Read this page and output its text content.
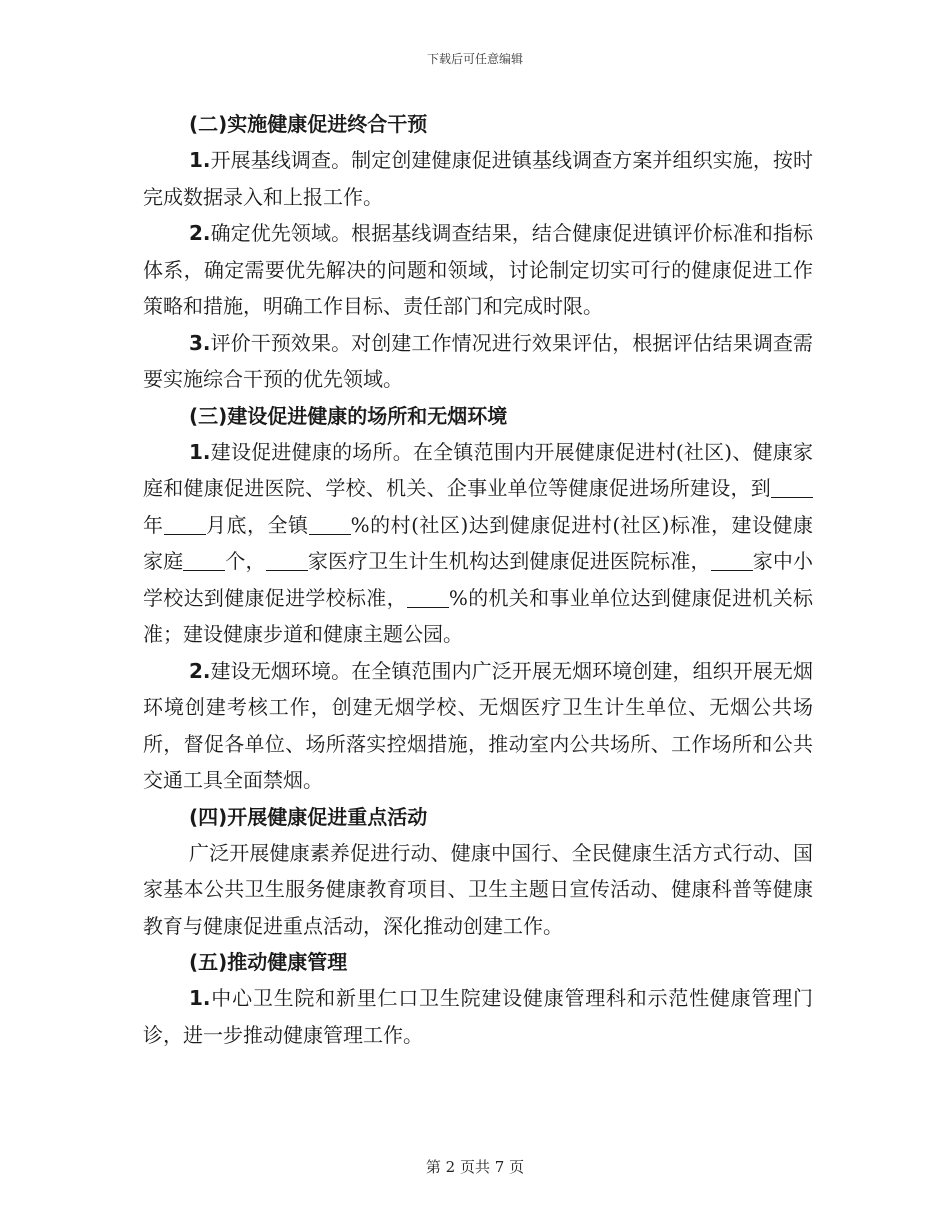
下载后可任意编辑
(二)实施健康促进终合干预

1.开展基线调查。制定创建健康促进镇基线调查方案并组织实施，按时完成数据录入和上报工作。

2.确定优先领域。根据基线调查结果，结合健康促进镇评价标准和指标体系，确定需要优先解决的问题和领域，讨论制定切实可行的健康促进工作策略和措施，明确工作目标、责任部门和完成时限。

3.评价干预效果。对创建工作情况进行效果评估，根据评估结果调查需要实施综合干预的优先领域。

(三)建设促进健康的场所和无烟环境

1.建设促进健康的场所。在全镇范围内开展健康促进村(社区)、健康家庭和健康促进医院、学校、机关、企事业单位等健康促进场所建设，到年 月底，全镇 %的村(社区)达到健康促进村(社区)标准，建设健康家庭 个， 家医疗卫生计生机构达到健康促进医院标准， 家中小学校达到健康促进学校标准， %的机关和事业单位达到健康促进机关标准；建设健康步道和健康主题公园。

2.建设无烟环境。在全镇范围内广泛开展无烟环境创建，组织开展无烟环境创建考核工作，创建无烟学校、无烟医疗卫生计生单位、无烟公共场所，督促各单位、场所落实控烟措施，推动室内公共场所、工作场所和公共交通工具全面禁烟。

(四)开展健康促进重点活动

广泛开展健康素养促进行动、健康中国行、全民健康生活方式行动、国家基本公共卫生服务健康教育项目、卫生主题日宣传活动、健康科普等健康教育与健康促进重点活动，深化推动创建工作。

(五)推动健康管理

1.中心卫生院和新里仁口卫生院建设健康管理科和示范性健康管理门诊，进一步推动健康管理工作。

第 2 页共 7 页
